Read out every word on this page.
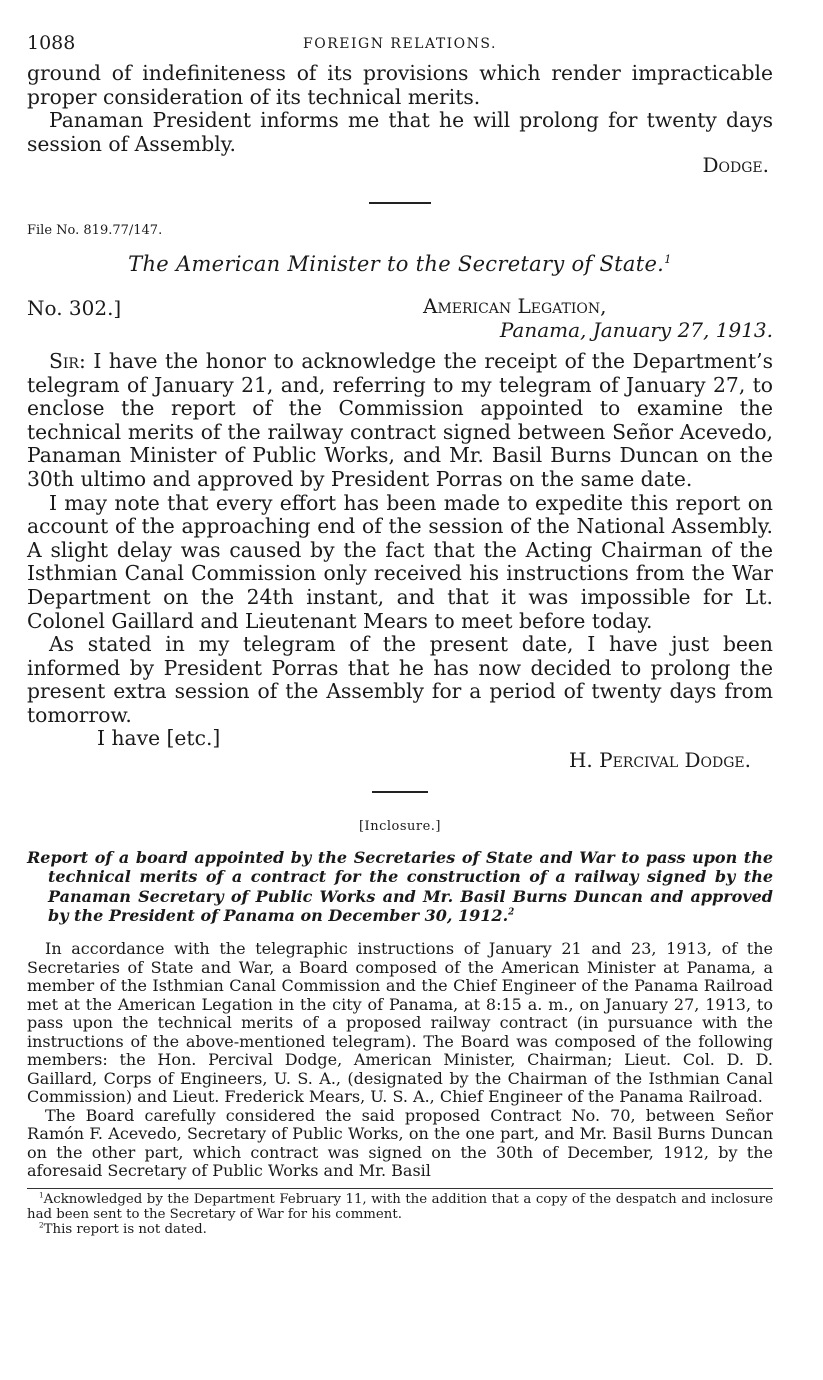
1088	FOREIGN RELATIONS.

ground of indefiniteness of its provisions which render impracticable proper consideration of its technical merits.

Panaman President informs me that he will prolong for twenty days session of Assembly.

Dodge.
File No. 819.77/147.
The American Minister to the Secretary of State.$^1$
No. 302.]	American Legation,
Panama, January 27, 1913.

Sir: I have the honor to acknowledge the receipt of the Department’s telegram of January 21, and, referring to my telegram of January 27, to enclose the report of the Commission appointed to examine the technical merits of the railway contract signed between Señor Acevedo, Panaman Minister of Public Works, and Mr. Basil Burns Duncan on the 30th ultimo and approved by President Porras on the same date.

I may note that every effort has been made to expedite this report on account of the approaching end of the session of the National Assembly. A slight delay was caused by the fact that the Acting Chairman of the Isthmian Canal Commission only received his instructions from the War Department on the 24th instant, and that it was impossible for Lt. Colonel Gaillard and Lieutenant Mears to meet before today.

As stated in my telegram of the present date, I have just been informed by President Porras that he has now decided to prolong the present extra session of the Assembly for a period of twenty days from tomorrow.

I have [etc.]

H. Percival Dodge.
[Inclosure.]
Report of a board appointed by the Secretaries of State and War to pass upon the technical merits of a contract for the construction of a railway signed by the Panaman Secretary of Public Works and Mr. Basil Burns Duncan and approved by the President of Panama on December 30, 1912.$^2$

In accordance with the telegraphic instructions of January 21 and 23, 1913, of the Secretaries of State and War, a Board composed of the American Minister at Panama, a member of the Isthmian Canal Commission and the Chief Engineer of the Panama Railroad met at the American Legation in the city of Panama, at 8:15 a. m., on January 27, 1913, to pass upon the technical merits of a proposed railway contract (in pursuance with the instructions of the above-mentioned telegram). The Board was composed of the following members: the Hon. Percival Dodge, American Minister, Chairman; Lieut. Col. D. D. Gaillard, Corps of Engineers, U. S. A., (designated by the Chairman of the Isthmian Canal Commission) and Lieut. Frederick Mears, U. S. A., Chief Engineer of the Panama Railroad.

The Board carefully considered the said proposed Contract No. 70, between Señor Ramón F. Acevedo, Secretary of Public Works, on the one part, and Mr. Basil Burns Duncan on the other part, which contract was signed on the 30th of December, 1912, by the aforesaid Secretary of Public Works and Mr. Basil

$^1$Acknowledged by the Department February 11, with the addition that a copy of the despatch and inclosure had been sent to the Secretary of War for his comment.

$^2$This report is not dated.
